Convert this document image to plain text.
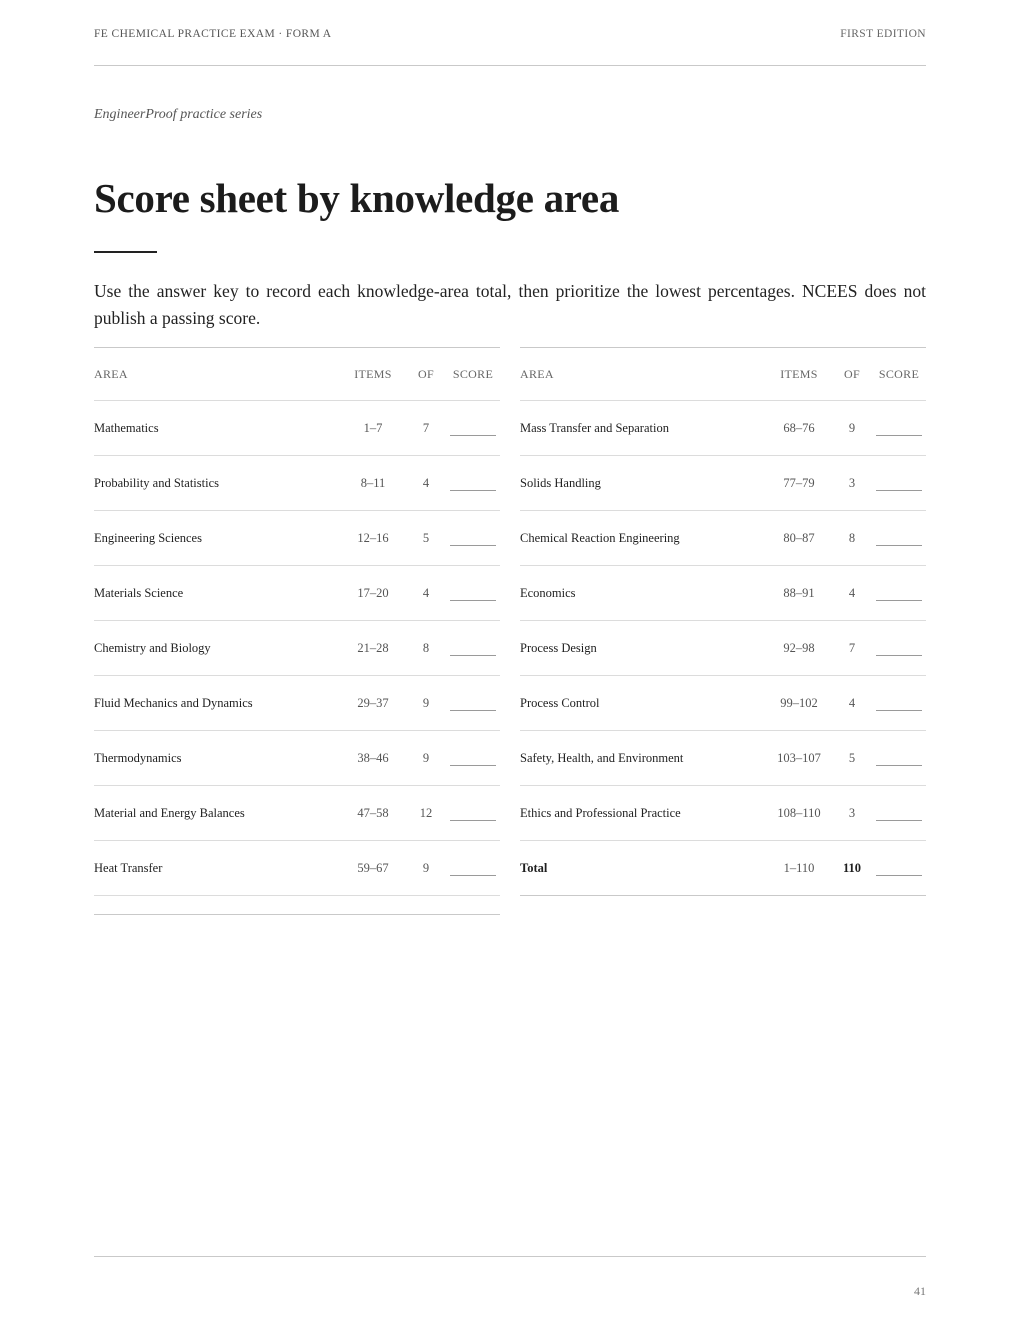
FE CHEMICAL PRACTICE EXAM · FORM A	FIRST EDITION
EngineerProof practice series
Score sheet by knowledge area

Use the answer key to record each knowledge-area total, then prioritize the lowest percentages. NCEES does not publish a passing score.

AREA	ITEMS	OF	SCORE
Mathematics	1–7	7
Probability and Statistics	8–11	4
Engineering Sciences	12–16	5
Materials Science	17–20	4
Chemistry and Biology	21–28	8
Fluid Mechanics and Dynamics	29–37	9
Thermodynamics	38–46	9
Material and Energy Balances	47–58	12
Heat Transfer	59–67	9
AREA	ITEMS	OF	SCORE
Mass Transfer and Separation	68–76	9
Solids Handling	77–79	3
Chemical Reaction Engineering	80–87	8
Economics	88–91	4
Process Design	92–98	7
Process Control	99–102	4
Safety, Health, and Environment	103–107	5
Ethics and Professional Practice	108–110	3
Total	1–110	110
41
